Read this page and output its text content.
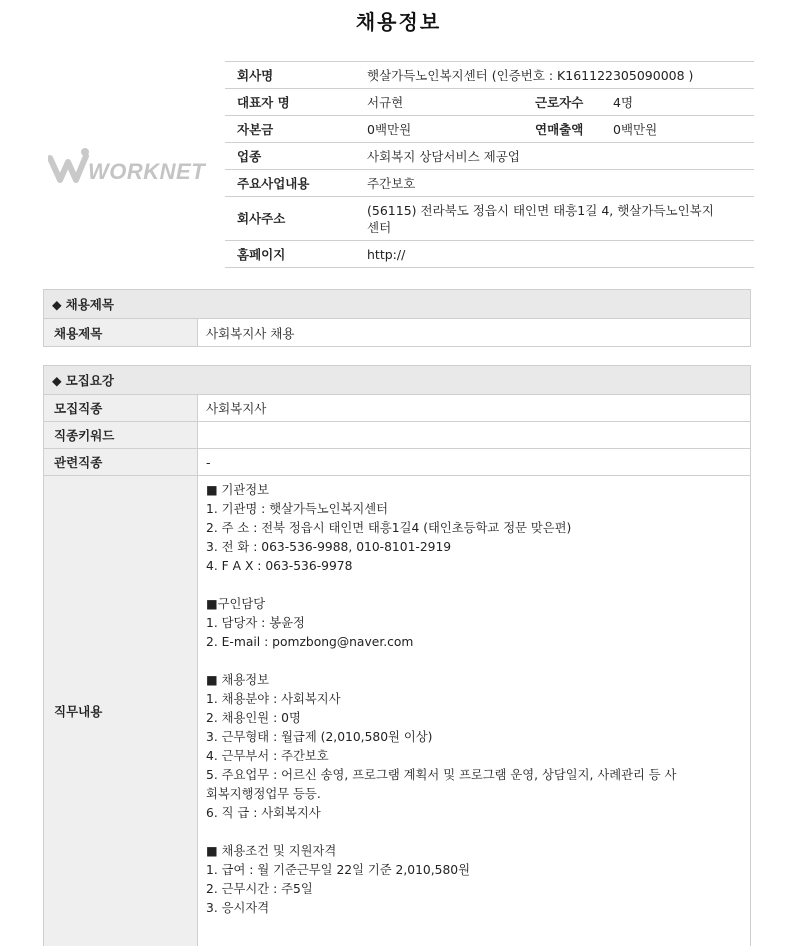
채용정보
WORKNET
회사명	햇살가득노인복지센터 (인증번호 : K161122305090008 )		
대표자 명	서규현	근로자수	4명
자본금	0백만원	연매출액	0백만원
업종	사회복지 상담서비스 제공업		
주요사업내용	주간보호		
회사주소	(56115) 전라북도 정읍시 태인면 태흥1길 4, 햇살가득노인복지
센터		

홈페이지	http://		
◆ 채용제목
채용제목	사회복지사 채용
◆ 모집요강
모집직종	사회복지사
직종키워드
관련직종	-
직무내용
■ 기관정보
1. 기관명 : 햇살가득노인복지센터
2. 주 소 : 전북 정읍시 태인면 태흥1길4 (태인초등학교 정문 맞은편)
3. 전 화 : 063-536-9988, 010-8101-2919
4. F A X : 063-536-9978
■구인담당
1. 담당자 : 봉윤정
2. E-mail : pomzbong@naver.com
■ 채용정보
1. 채용분야 : 사회복지사
2. 채용인원 : 0명
3. 근무형태 : 월급제 (2,010,580원 이상)
4. 근무부서 : 주간보호
5. 주요업무 : 어르신 송영, 프로그램 계획서 및 프로그램 운영, 상담일지, 사례관리 등 사
회복지행정업무 등등.
6. 직 급 : 사회복지사
■ 채용조건 및 지원자격
1. 급여 : 월 기준근무일 22일 기준 2,010,580원
2. 근무시간 : 주5일
3. 응시자격
